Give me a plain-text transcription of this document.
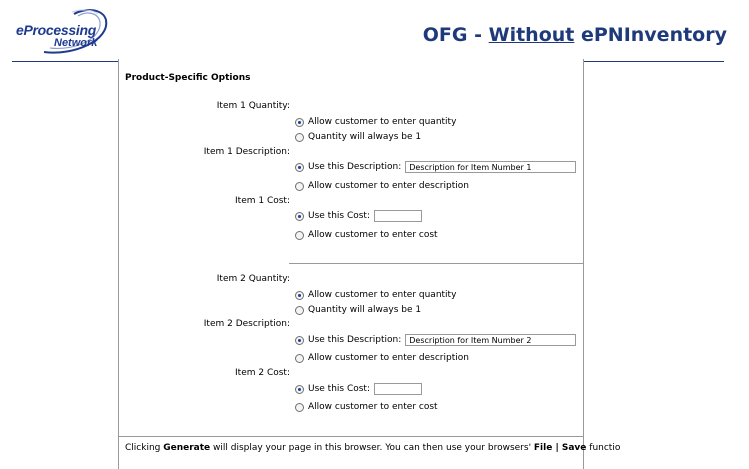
eProcessing
Network	OFG - Without ePNInventory
Product-Specific Options
Item 1 Quantity:
Allow customer to enter quantity
Quantity will always be 1
Item 1 Description:
Use this Description:
Description for Item Number 1
Allow customer to enter description
Item 1 Cost:
Use this Cost:
Allow customer to enter cost
Item 2 Quantity:
Allow customer to enter quantity
Quantity will always be 1
Item 2 Description:
Use this Description:
Description for Item Number 2
Allow customer to enter description
Item 2 Cost:
Use this Cost:
Allow customer to enter cost
Clicking Generate will display your page in this browser. You can then use your browsers' File | Save functio
